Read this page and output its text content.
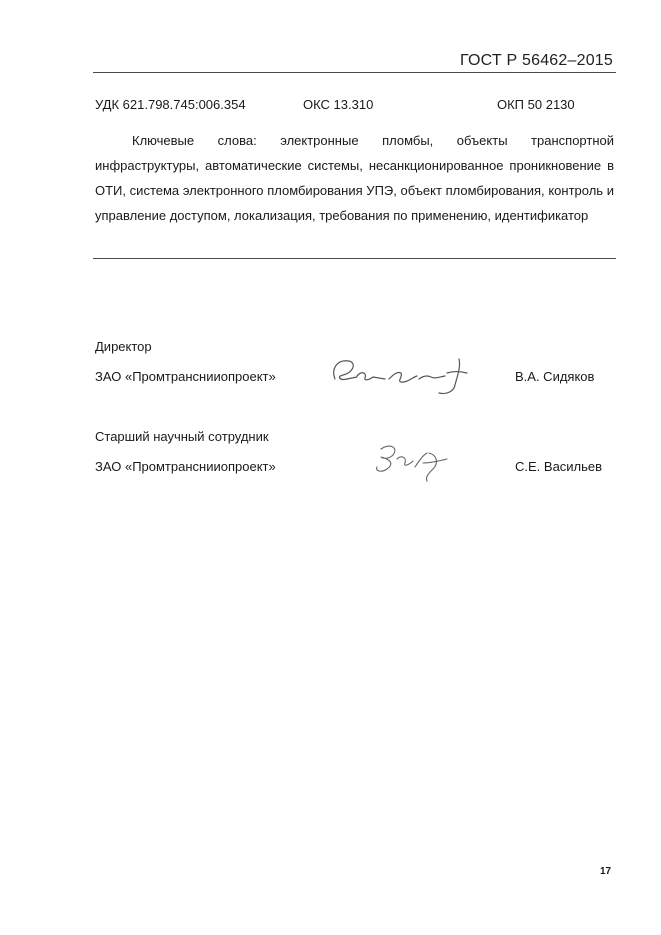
ГОСТ Р 56462–2015
УДК 621.798.745:006.354	ОКС 13.310	ОКП 50 2130
Ключевые слова: электронные пломбы, объекты транспортной инфраструктуры, автоматические системы, несанкционированное проникновение в ОТИ, система электронного пломбирования УПЭ, объект пломбирования, контроль и управление доступом, локализация, требования по применению, идентификатор
Директор
ЗАО «Промтранснииопроект»	В.А. Сидяков
Старший научный сотрудник
ЗАО «Промтранснииопроект»	С.Е. Васильев
17
